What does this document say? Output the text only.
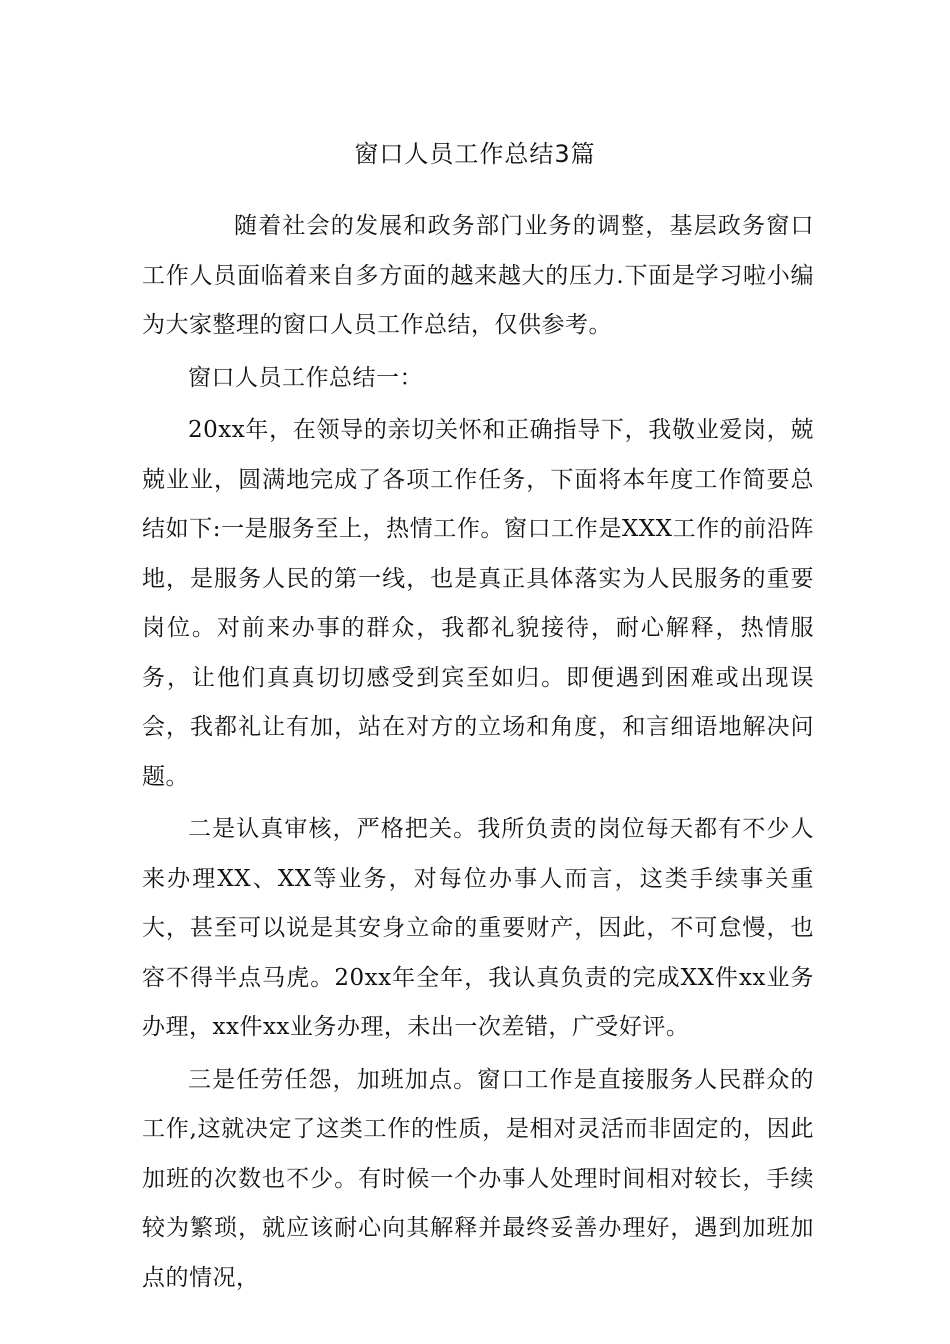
窗口人员工作总结3篇

随着社会的发展和政务部门业务的调整，基层政务窗口工作人员面临着来自多方面的越来越大的压力.下面是学习啦小编为大家整理的窗口人员工作总结，仅供参考。

窗口人员工作总结一：

20xx年，在领导的亲切关怀和正确指导下，我敬业爱岗，兢兢业业，圆满地完成了各项工作任务，下面将本年度工作简要总结如下:一是服务至上，热情工作。窗口工作是XXX工作的前沿阵地，是服务人民的第一线，也是真正具体落实为人民服务的重要岗位。对前来办事的群众，我都礼貌接待，耐心解释，热情服务，让他们真真切切感受到宾至如归。即便遇到困难或出现误会，我都礼让有加，站在对方的立场和角度，和言细语地解决问题。

二是认真审核，严格把关。我所负责的岗位每天都有不少人来办理XX、XX等业务，对每位办事人而言，这类手续事关重大，甚至可以说是其安身立命的重要财产，因此，不可怠慢，也容不得半点马虎。20xx年全年，我认真负责的完成XX件xx业务办理，xx件xx业务办理，未出一次差错，广受好评。

三是任劳任怨，加班加点。窗口工作是直接服务人民群众的工作,这就决定了这类工作的性质，是相对灵活而非固定的，因此加班的次数也不少。有时候一个办事人处理时间相对较长，手续较为繁琐，就应该耐心向其解释并最终妥善办理好，遇到加班加点的情况，
